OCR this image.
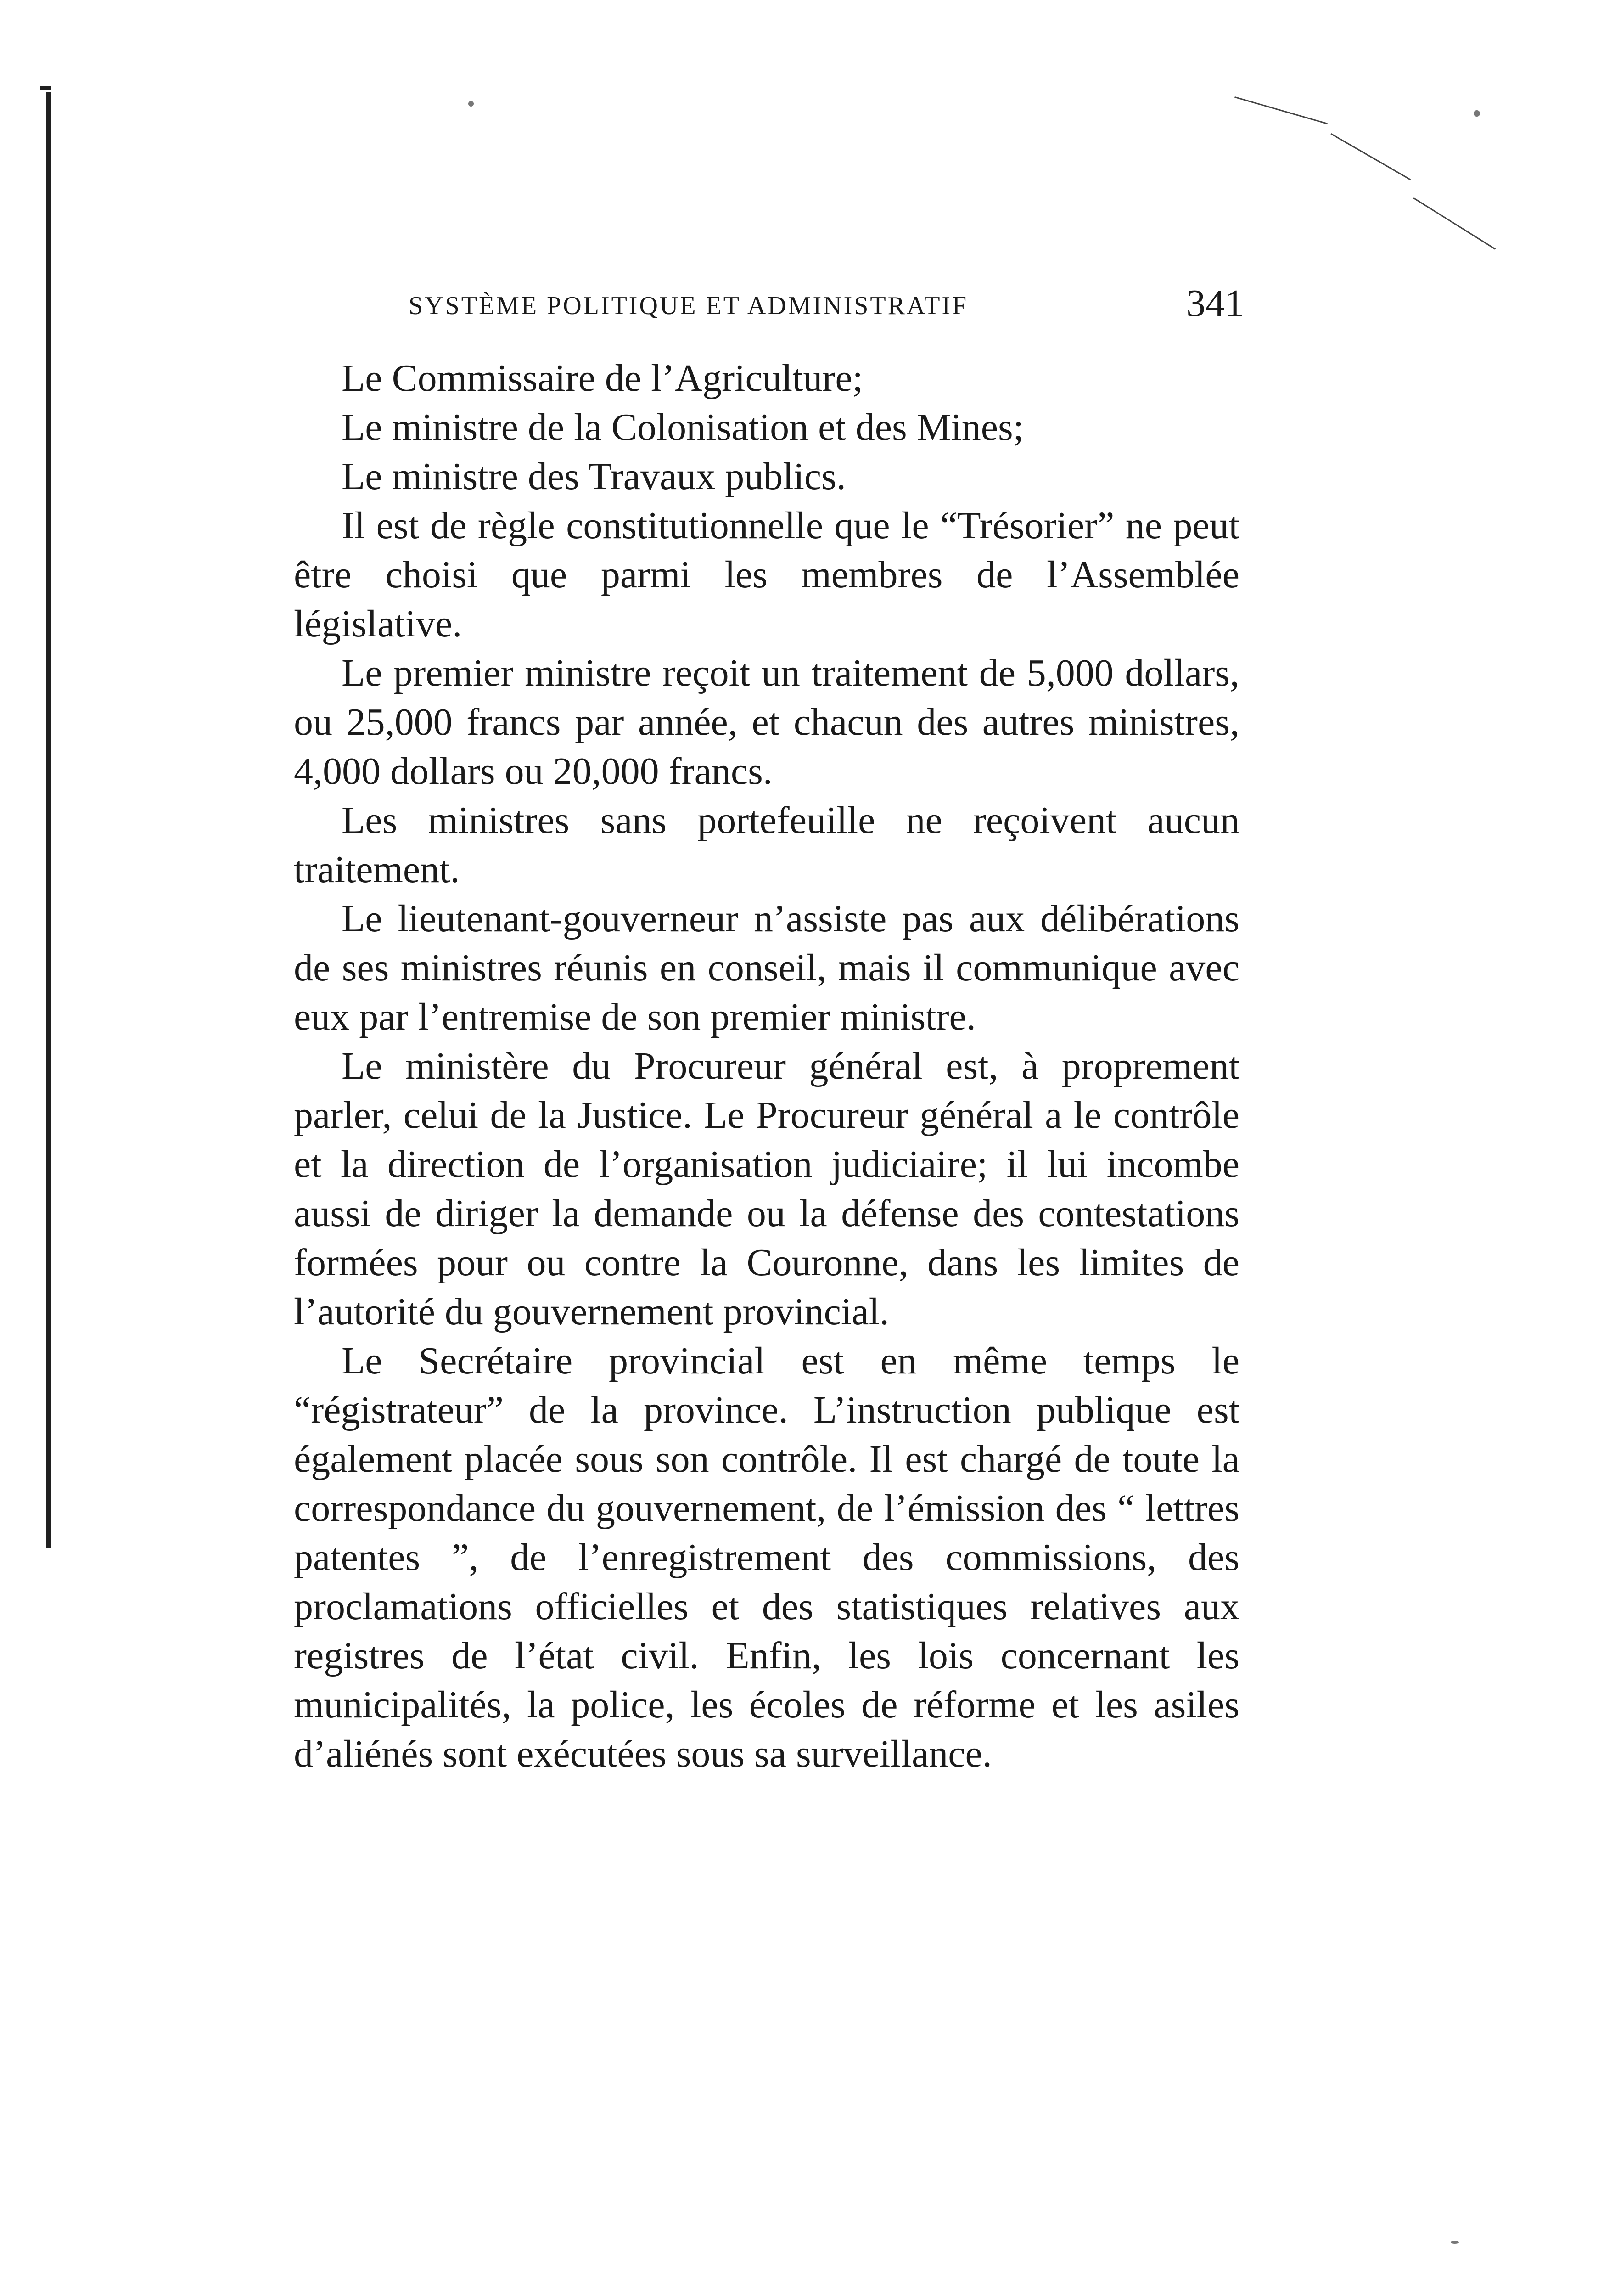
SYSTÈME POLITIQUE ET ADMINISTRATIF	341

Le Commissaire de l’Agriculture;

Le ministre de la Colonisation et des Mines;

Le ministre des Travaux publics.

Il est de règle constitutionnelle que le “Trésorier” ne peut être choisi que parmi les membres de l’Assemblée législative.

Le premier ministre reçoit un traitement de 5,000 dollars, ou 25,000 francs par année, et chacun des autres ministres, 4,000 dollars ou 20,000 francs.

Les ministres sans portefeuille ne reçoivent aucun traitement.

Le lieutenant-gouverneur n’assiste pas aux délibérations de ses ministres réunis en conseil, mais il communique avec eux par l’entremise de son premier ministre.

Le ministère du Procureur général est, à proprement parler, celui de la Justice. Le Procureur général a le contrôle et la direction de l’organisation judiciaire; il lui incombe aussi de diriger la demande ou la défense des contestations formées pour ou contre la Couronne, dans les limites de l’autorité du gouvernement provincial.

Le Secrétaire provincial est en même temps le “régistrateur” de la province. L’instruction publique est également placée sous son contrôle. Il est chargé de toute la correspondance du gouvernement, de l’émission des “ lettres patentes ”, de l’enregistrement des commissions, des proclamations officielles et des statistiques relatives aux registres de l’état civil. Enfin, les lois concernant les municipalités, la police, les écoles de réforme et les asiles d’aliénés sont exécutées sous sa surveillance.
